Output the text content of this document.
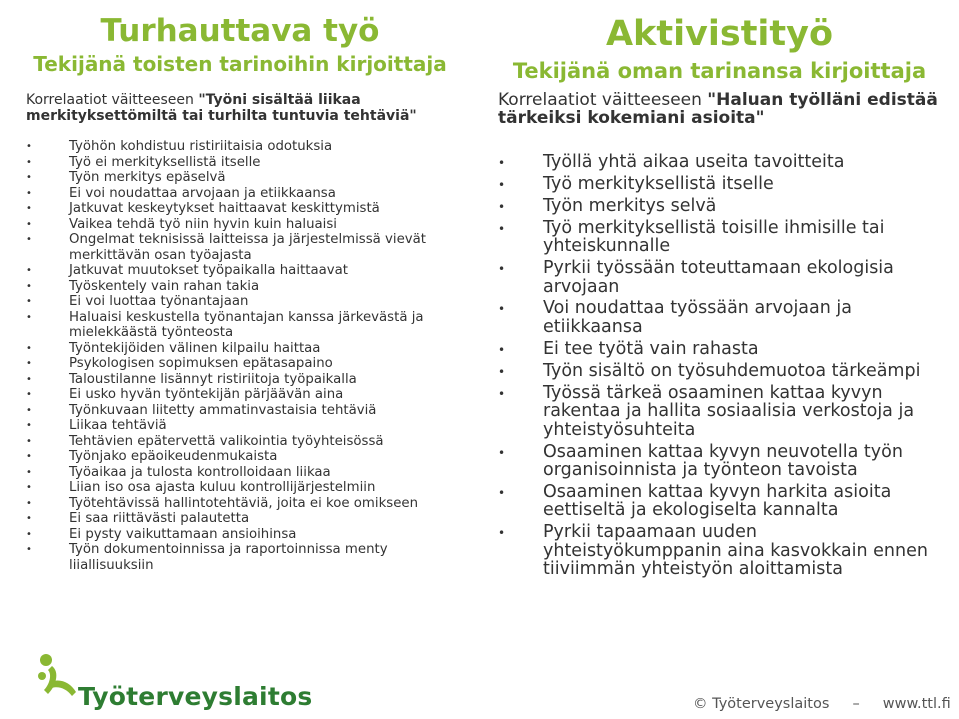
Turhauttava työ
Tekijänä toisten tarinoihin kirjoittaja
Korrelaatiot väitteeseen "Työni sisältää liikaa merkityksettömiltä tai turhilta tuntuvia tehtäviä"
• Työhön kohdistuu ristiriitaisia odotuksia
• Työ ei merkityksellistä itselle
• Työn merkitys epäselvä
• Ei voi noudattaa arvojaan ja etiikkaansa
• Jatkuvat keskeytykset haittaavat keskittymistä
• Vaikea tehdä työ niin hyvin kuin haluaisi
• Ongelmat teknisissä laitteissa ja järjestelmissä vievät merkittävän osan työajasta
• Jatkuvat muutokset työpaikalla haittaavat
• Työskentely vain rahan takia
• Ei voi luottaa työnantajaan
• Haluaisi keskustella työnantajan kanssa järkevästä ja mielekkäästä työnteosta
• Työntekijöiden välinen kilpailu haittaa
• Psykologisen sopimuksen epätasapaino
• Taloustilanne lisännyt ristiriitoja työpaikalla
• Ei usko hyvän työntekijän pärjäävän aina
• Työnkuvaan liitetty ammatinvastaisia tehtäviä
• Liikaa tehtäviä
• Tehtävien epätervettä valikointia työyhteisössä
• Työnjako epäoikeudenmukaista
• Työaikaa ja tulosta kontrolloidaan liikaa
• Liian iso osa ajasta kuluu kontrollijärjestelmiin
• Työtehtävissä hallintotehtäviä, joita ei koe omikseen
• Ei saa riittävästi palautetta
• Ei pysty vaikuttamaan ansioihinsa
• Työn dokumentoinnissa ja raportoinnissa menty liiallisuuksiin
Aktivistityö
Tekijänä oman tarinansa kirjoittaja
Korrelaatiot väitteeseen "Haluan työlläni edistää tärkeiksi kokemiani asioita"
• Työllä yhtä aikaa useita tavoitteita
• Työ merkityksellistä itselle
• Työn merkitys selvä
• Työ merkityksellistä toisille ihmisille tai yhteiskunnalle
• Pyrkii työssään toteuttamaan ekologisia arvojaan
• Voi noudattaa työssään arvojaan ja etiikkaansa
• Ei tee työtä vain rahasta
• Työn sisältö on työsuhdemuotoa tärkeämpi
• Työssä tärkeä osaaminen kattaa kyvyn rakentaa ja hallita sosiaalisia verkostoja ja yhteistyösuhteita
• Osaaminen kattaa kyvyn neuvotella työn organisoinnista ja työnteon tavoista
• Osaaminen kattaa kyvyn harkita asioita eettiseltä ja ekologiselta kannalta
• Pyrkii tapaamaan uuden yhteistyökumppanin aina kasvokkain ennen tiiviimmän yhteistyön aloittamista
Työterveyslaitos	© Työterveyslaitos – www.ttl.fi
